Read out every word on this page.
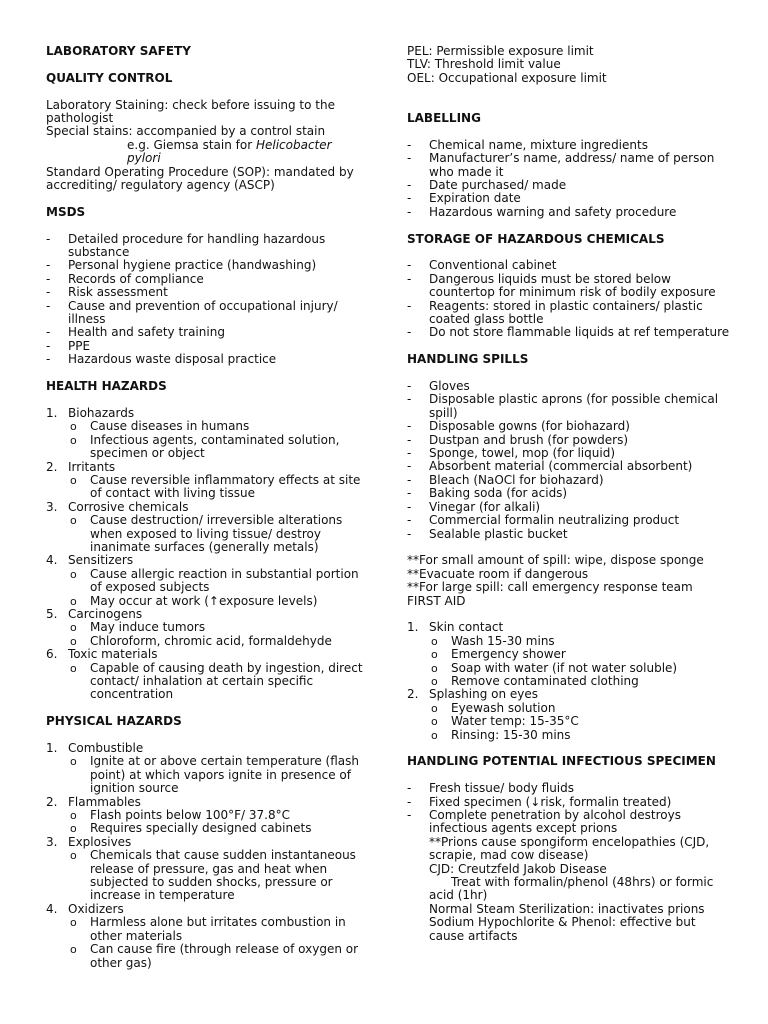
LABORATORY SAFETY

QUALITY CONTROL

Laboratory Staining: check before issuing to the pathologist

Special stains: accompanied by a control stain

e.g. Giemsa stain for Helicobacter pylori

Standard Operating Procedure (SOP): mandated by accrediting/ regulatory agency (ASCP)

MSDS

- Detailed procedure for handling hazardous substance

- Personal hygiene practice (handwashing)

- Records of compliance

- Risk assessment

- Cause and prevention of occupational injury/ illness

- Health and safety training

- PPE

- Hazardous waste disposal practice

HEALTH HAZARDS

1. Biohazards

o Cause diseases in humans

o Infectious agents, contaminated solution, specimen or object

2. Irritants

o Cause reversible inflammatory effects at site of contact with living tissue

3. Corrosive chemicals

o Cause destruction/ irreversible alterations when exposed to living tissue/ destroy inanimate surfaces (generally metals)

4. Sensitizers

o Cause allergic reaction in substantial portion of exposed subjects

o May occur at work (↑exposure levels)

5. Carcinogens

o May induce tumors

o Chloroform, chromic acid, formaldehyde

6. Toxic materials

o Capable of causing death by ingestion, direct contact/ inhalation at certain specific concentration

PHYSICAL HAZARDS

1. Combustible

o Ignite at or above certain temperature (flash point) at which vapors ignite in presence of ignition source

2. Flammables

o Flash points below 100°F/ 37.8°C

o Requires specially designed cabinets

3. Explosives

o Chemicals that cause sudden instantaneous release of pressure, gas and heat when subjected to sudden shocks, pressure or increase in temperature

4. Oxidizers

o Harmless alone but irritates combustion in other materials

o Can cause fire (through release of oxygen or other gas)

PEL: Permissible exposure limit

TLV: Threshold limit value

OEL: Occupational exposure limit

LABELLING

- Chemical name, mixture ingredients

- Manufacturer’s name, address/ name of person who made it

- Date purchased/ made

- Expiration date

- Hazardous warning and safety procedure

STORAGE OF HAZARDOUS CHEMICALS

- Conventional cabinet

- Dangerous liquids must be stored below countertop for minimum risk of bodily exposure

- Reagents: stored in plastic containers/ plastic coated glass bottle

- Do not store flammable liquids at ref temperature

HANDLING SPILLS

- Gloves

- Disposable plastic aprons (for possible chemical spill)

- Disposable gowns (for biohazard)

- Dustpan and brush (for powders)

- Sponge, towel, mop (for liquid)

- Absorbent material (commercial absorbent)

- Bleach (NaOCl for biohazard)

- Baking soda (for acids)

- Vinegar (for alkali)

- Commercial formalin neutralizing product

- Sealable plastic bucket

**For small amount of spill: wipe, dispose sponge

**Evacuate room if dangerous

**For large spill: call emergency response team

FIRST AID

1. Skin contact

o Wash 15-30 mins

o Emergency shower

o Soap with water (if not water soluble)

o Remove contaminated clothing

2. Splashing on eyes

o Eyewash solution

o Water temp: 15-35°C

o Rinsing: 15-30 mins

HANDLING POTENTIAL INFECTIOUS SPECIMEN

- Fresh tissue/ body fluids

- Fixed specimen (↓risk, formalin treated)

- Complete penetration by alcohol destroys infectious agents except prions

**Prions cause spongiform encelopathies (CJD, scrapie, mad cow disease)

CJD: Creutzfeld Jakob Disease

Treat with formalin/phenol (48hrs) or formic acid (1hr)

Normal Steam Sterilization: inactivates prions

Sodium Hypochlorite & Phenol: effective but cause artifacts
